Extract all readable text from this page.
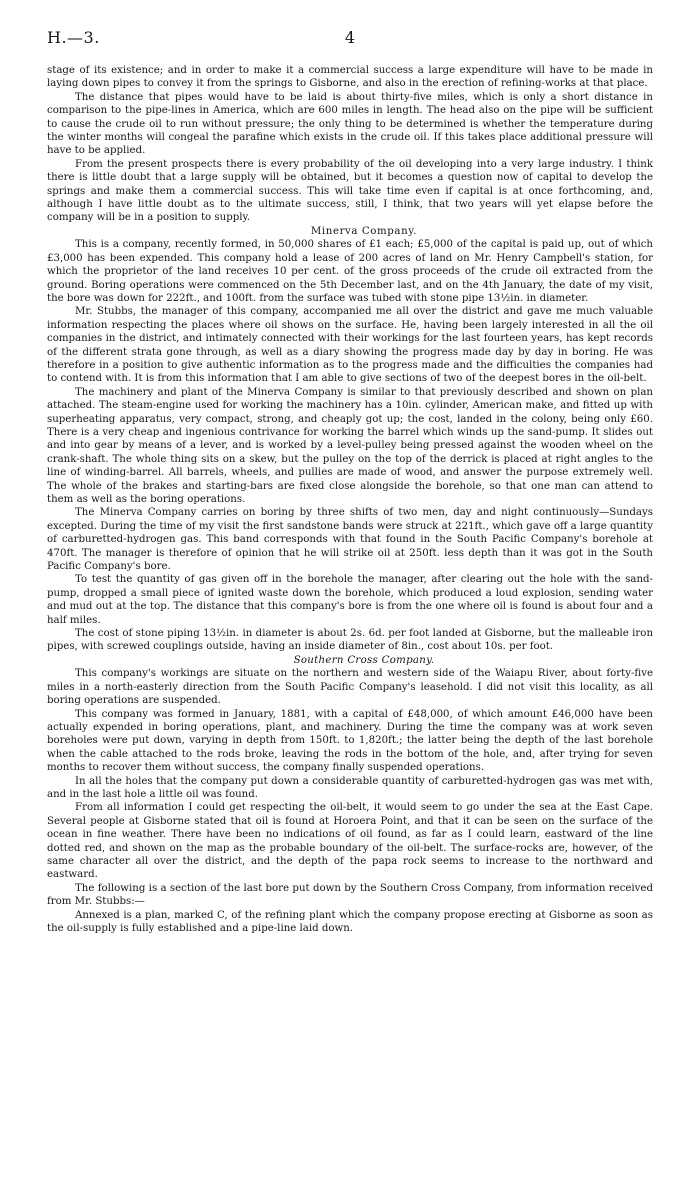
H.—3.	4

stage of its existence; and in order to make it a commercial success a large expenditure will have to be made in laying down pipes to convey it from the springs to Gisborne, and also in the erection of refining-works at that place.

The distance that pipes would have to be laid is about thirty-five miles, which is only a short distance in comparison to the pipe-lines in America, which are 600 miles in length. The head also on the pipe will be sufficient to cause the crude oil to run without pressure; the only thing to be determined is whether the temperature during the winter months will congeal the parafine which exists in the crude oil. If this takes place additional pressure will have to be applied.

From the present prospects there is every probability of the oil developing into a very large industry. I think there is little doubt that a large supply will be obtained, but it becomes a question now of capital to develop the springs and make them a commercial success. This will take time even if capital is at once forthcoming, and, although I have little doubt as to the ultimate success, still, I think, that two years will yet elapse before the company will be in a position to supply.

Minerva Company.

This is a company, recently formed, in 50,000 shares of £1 each; £5,000 of the capital is paid up, out of which £3,000 has been expended. This company hold a lease of 200 acres of land on Mr. Henry Campbell's station, for which the proprietor of the land receives 10 per cent. of the gross proceeds of the crude oil extracted from the ground. Boring operations were commenced on the 5th December last, and on the 4th January, the date of my visit, the bore was down for 222ft., and 100ft. from the surface was tubed with stone pipe 13½in. in diameter.

Mr. Stubbs, the manager of this company, accompanied me all over the district and gave me much valuable information respecting the places where oil shows on the surface. He, having been largely interested in all the oil companies in the district, and intimately connected with their workings for the last fourteen years, has kept records of the different strata gone through, as well as a diary showing the progress made day by day in boring. He was therefore in a position to give authentic information as to the progress made and the difficulties the companies had to contend with. It is from this information that I am able to give sections of two of the deepest bores in the oil-belt.

The machinery and plant of the Minerva Company is similar to that previously described and shown on plan attached. The steam-engine used for working the machinery has a 10in. cylinder, American make, and fitted up with superheating apparatus, very compact, strong, and cheaply got up; the cost, landed in the colony, being only £60. There is a very cheap and ingenious contrivance for working the barrel which winds up the sand-pump. It slides out and into gear by means of a lever, and is worked by a level-pulley being pressed against the wooden wheel on the crank-shaft. The whole thing sits on a skew, but the pulley on the top of the derrick is placed at right angles to the line of winding-barrel. All barrels, wheels, and pullies are made of wood, and answer the purpose extremely well. The whole of the brakes and starting-bars are fixed close alongside the borehole, so that one man can attend to them as well as the boring operations.

The Minerva Company carries on boring by three shifts of two men, day and night continuously—Sundays excepted. During the time of my visit the first sandstone bands were struck at 221ft., which gave off a large quantity of carburetted-hydrogen gas. This band corresponds with that found in the South Pacific Company's borehole at 470ft. The manager is therefore of opinion that he will strike oil at 250ft. less depth than it was got in the South Pacific Company's bore.

To test the quantity of gas given off in the borehole the manager, after clearing out the hole with the sand-pump, dropped a small piece of ignited waste down the borehole, which produced a loud explosion, sending water and mud out at the top. The distance that this company's bore is from the one where oil is found is about four and a half miles.

The cost of stone piping 13½in. in diameter is about 2s. 6d. per foot landed at Gisborne, but the malleable iron pipes, with screwed couplings outside, having an inside diameter of 8in., cost about 10s. per foot.

Southern Cross Company.

This company's workings are situate on the northern and western side of the Waiapu River, about forty-five miles in a north-easterly direction from the South Pacific Company's leasehold. I did not visit this locality, as all boring operations are suspended.

This company was formed in January, 1881, with a capital of £48,000, of which amount £46,000 have been actually expended in boring operations, plant, and machinery. During the time the company was at work seven boreholes were put down, varying in depth from 150ft. to 1,820ft.; the latter being the depth of the last borehole when the cable attached to the rods broke, leaving the rods in the bottom of the hole, and, after trying for seven months to recover them without success, the company finally suspended operations.

In all the holes that the company put down a considerable quantity of carburetted-hydrogen gas was met with, and in the last hole a little oil was found.

From all information I could get respecting the oil-belt, it would seem to go under the sea at the East Cape. Several people at Gisborne stated that oil is found at Horoera Point, and that it can be seen on the surface of the ocean in fine weather. There have been no indications of oil found, as far as I could learn, eastward of the line dotted red, and shown on the map as the probable boundary of the oil-belt. The surface-rocks are, however, of the same character all over the district, and the depth of the papa rock seems to increase to the northward and eastward.

The following is a section of the last bore put down by the Southern Cross Company, from information received from Mr. Stubbs:—

Annexed is a plan, marked C, of the refining plant which the company propose erecting at Gisborne as soon as the oil-supply is fully established and a pipe-line laid down.
